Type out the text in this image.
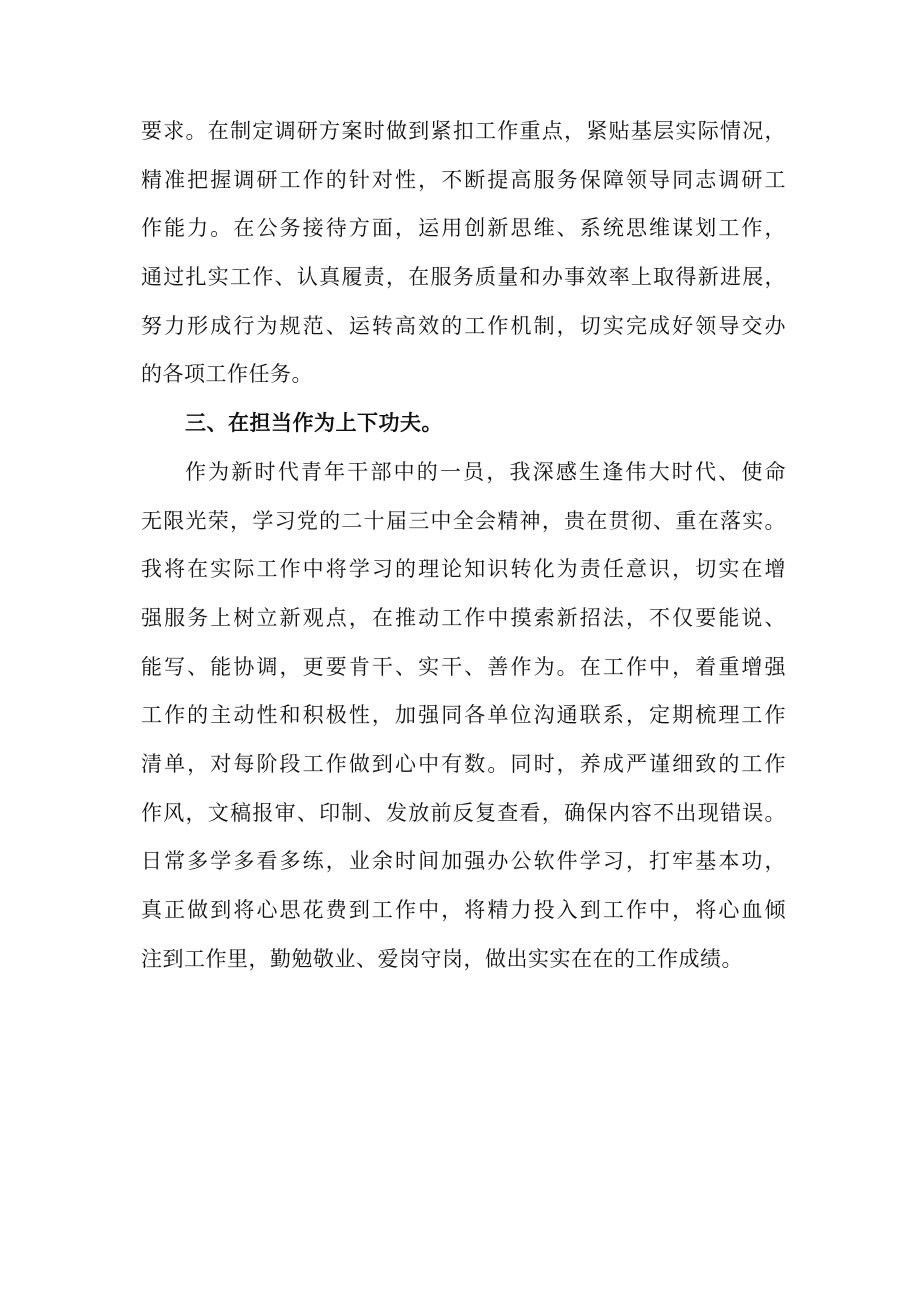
要求。在制定调研方案时做到紧扣工作重点，紧贴基层实际情况，
精准把握调研工作的针对性，不断提高服务保障领导同志调研工
作能力。在公务接待方面，运用创新思维、系统思维谋划工作，
通过扎实工作、认真履责，在服务质量和办事效率上取得新进展，
努力形成行为规范、运转高效的工作机制，切实完成好领导交办
的各项工作任务。
三、在担当作为上下功夫。
作为新时代青年干部中的一员，我深感生逢伟大时代、使命
无限光荣，学习党的二十届三中全会精神，贵在贯彻、重在落实。
我将在实际工作中将学习的理论知识转化为责任意识，切实在增
强服务上树立新观点，在推动工作中摸索新招法，不仅要能说、
能写、能协调，更要肯干、实干、善作为。在工作中，着重增强
工作的主动性和积极性，加强同各单位沟通联系，定期梳理工作
清单，对每阶段工作做到心中有数。同时，养成严谨细致的工作
作风，文稿报审、印制、发放前反复查看，确保内容不出现错误。
日常多学多看多练，业余时间加强办公软件学习，打牢基本功，
真正做到将心思花费到工作中，将精力投入到工作中，将心血倾
注到工作里，勤勉敬业、爱岗守岗，做出实实在在的工作成绩。
